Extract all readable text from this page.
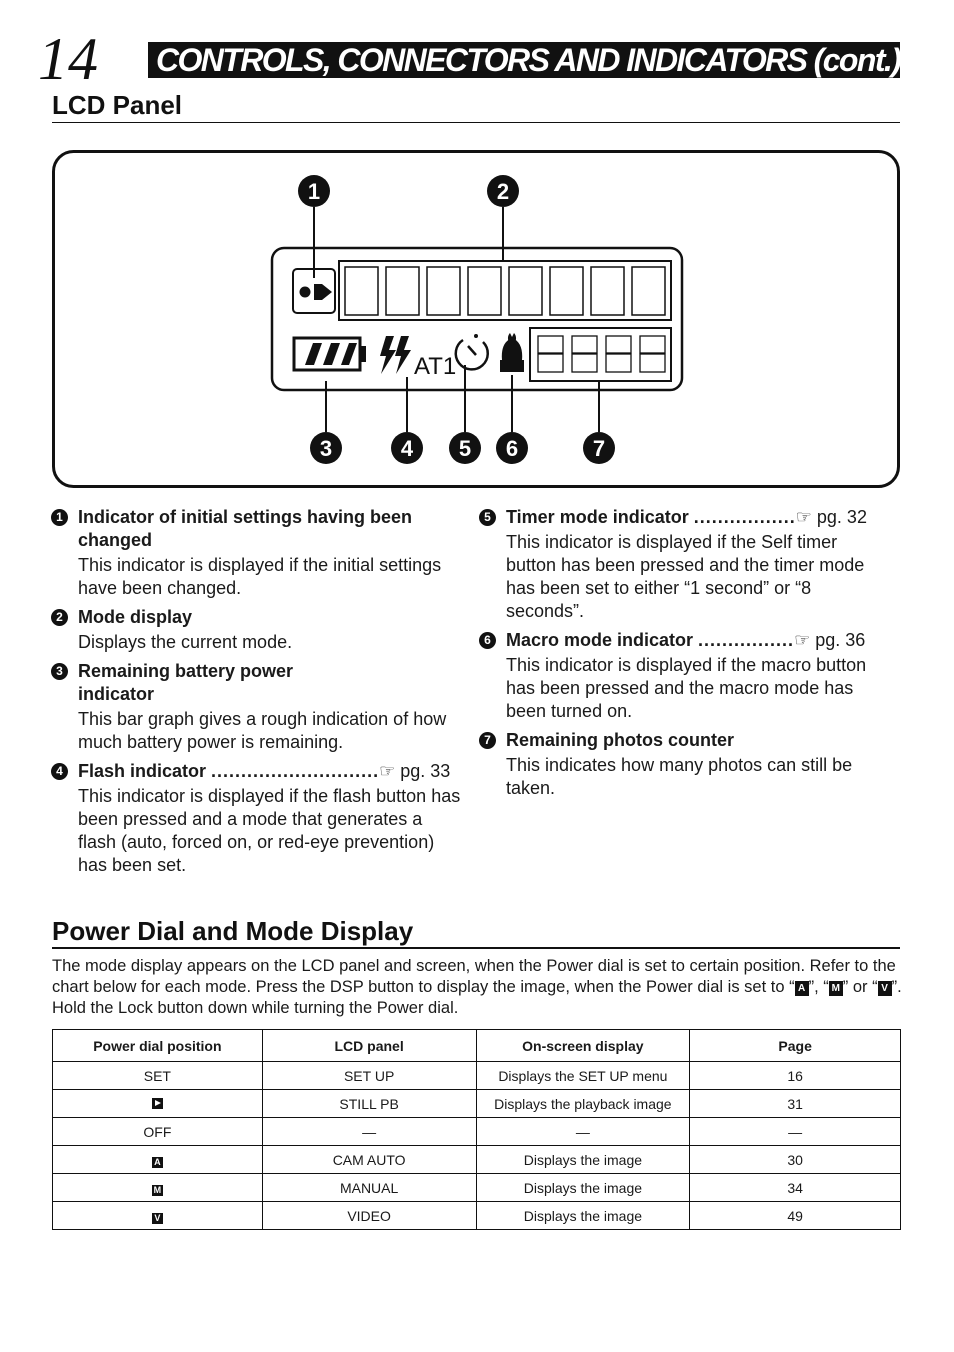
14 CONTROLS, CONNECTORS AND INDICATORS (cont.)
LCD Panel
AT1
1	2
3	4 5 6	7
1 Indicator of initial settings having been changed
This indicator is displayed if the initial settings have been changed.
2 Mode display
Displays the current mode.
3 Remaining battery power indicator
This bar graph gives a rough indication of how much battery power is remaining.
4 Flash indicator ............................☞ pg. 33
This indicator is displayed if the flash button has been pressed and a mode that generates a flash (auto, forced on, or red-eye prevention) has been set.
5 Timer mode indicator .................☞ pg. 32
This indicator is displayed if the Self timer button has been pressed and the timer mode has been set to either “1 second” or “8 seconds”.
6 Macro mode indicator ................☞ pg. 36
This indicator is displayed if the macro button has been pressed and the macro mode has been turned on.
7 Remaining photos counter
This indicates how many photos can still be taken.
Power Dial and Mode Display
The mode display appears on the LCD panel and screen, when the Power dial is set to certain position. Refer to the chart below for each mode. Press the DSP button to display the image, when the Power dial is set to “ A ”, “ M ” or “ V ”. Hold the Lock button down while turning the Power dial.
Power dial position	LCD panel	On-screen display	Page
SET	SET UP	Displays the SET UP menu	16
	STILL PB	Displays the playback image	31
OFF	—	—	—
A	CAM AUTO	Displays the image	30
M	MANUAL	Displays the image	34
V	VIDEO	Displays the image	49
